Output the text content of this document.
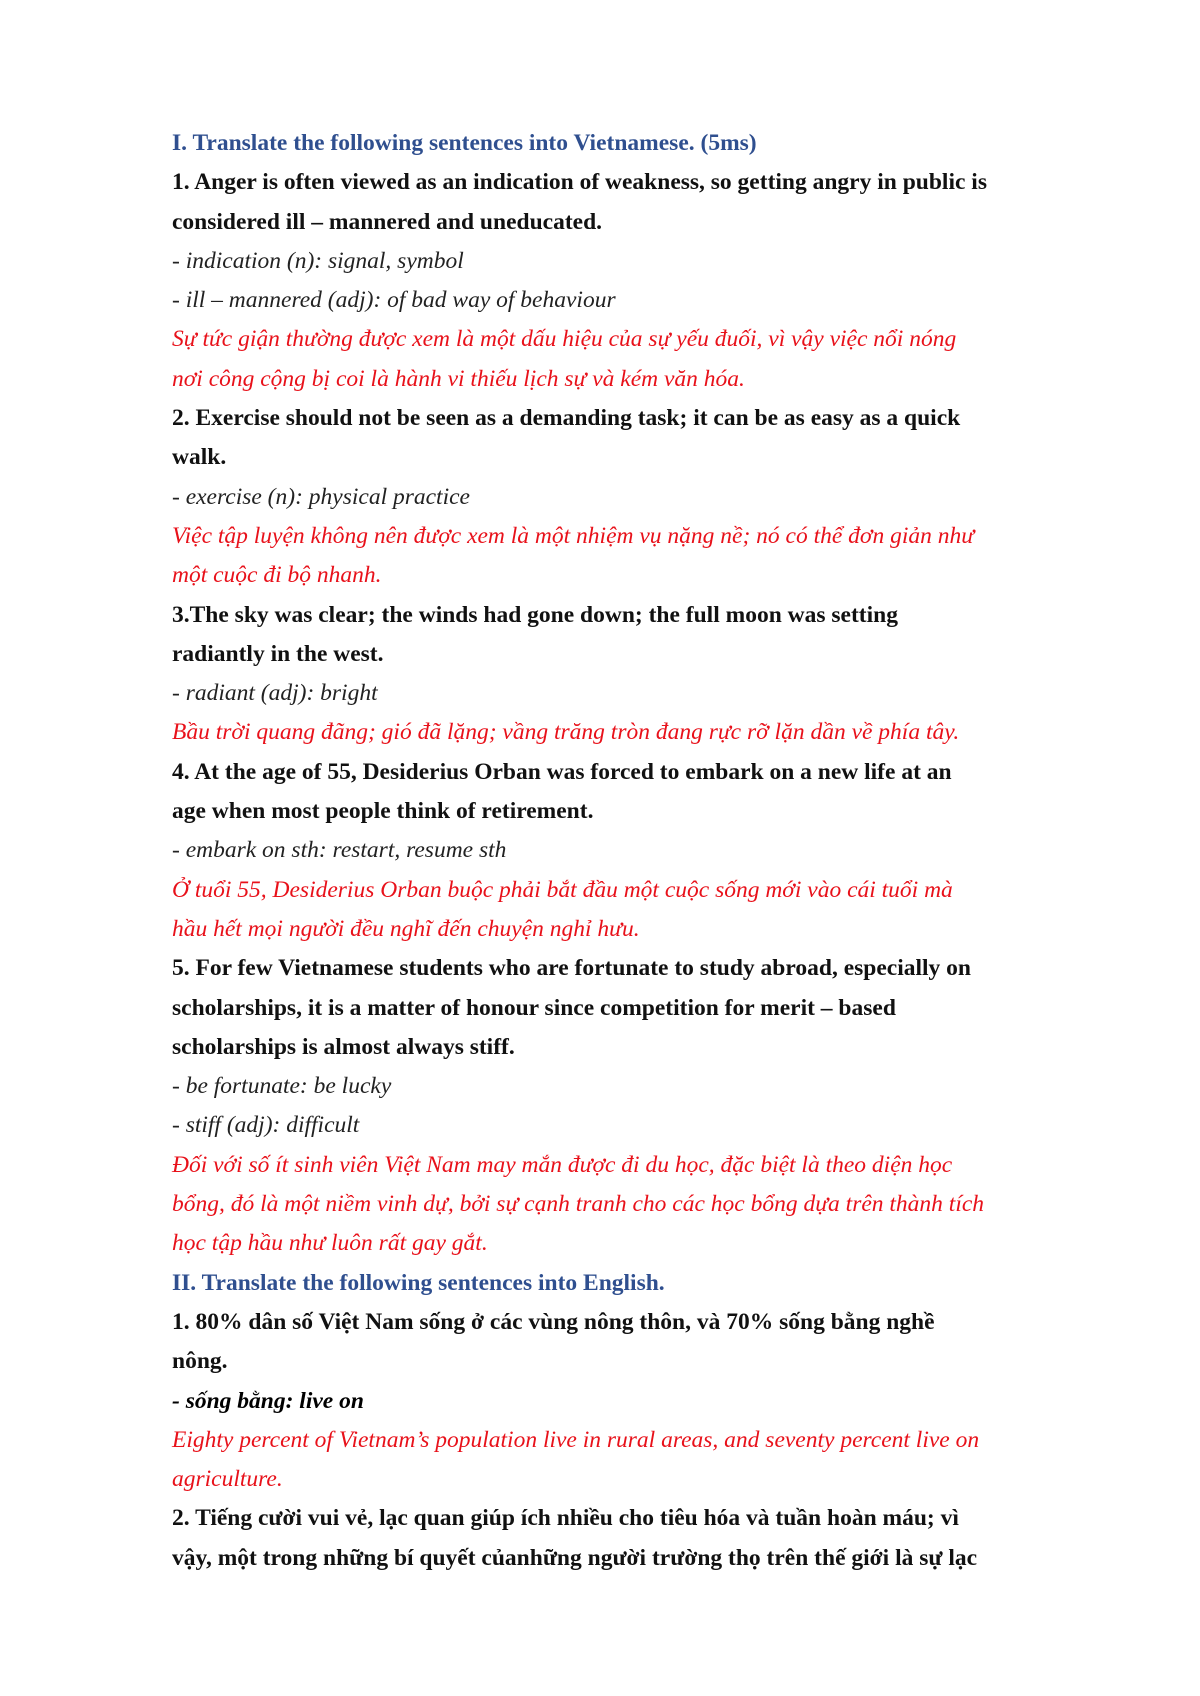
I. Translate the following sentences into Vietnamese. (5ms)

1. Anger is often viewed as an indication of weakness, so getting angry in public is

considered ill – mannered and uneducated.

- indication (n): signal, symbol

- ill – mannered (adj): of bad way of behaviour

Sự tức giận thường được xem là một dấu hiệu của sự yếu đuối, vì vậy việc nổi nóng

nơi công cộng bị coi là hành vi thiếu lịch sự và kém văn hóa.

2. Exercise should not be seen as a demanding task; it can be as easy as a quick

walk.

- exercise (n): physical practice

Việc tập luyện không nên được xem là một nhiệm vụ nặng nề; nó có thể đơn giản như

một cuộc đi bộ nhanh.

3.The sky was clear; the winds had gone down; the full moon was setting

radiantly in the west.

- radiant (adj): bright

Bầu trời quang đãng; gió đã lặng; vầng trăng tròn đang rực rỡ lặn dần về phía tây.

4. At the age of 55, Desiderius Orban was forced to embark on a new life at an

age when most people think of retirement.

- embark on sth: restart, resume sth

Ở tuổi 55, Desiderius Orban buộc phải bắt đầu một cuộc sống mới vào cái tuổi mà

hầu hết mọi người đều nghĩ đến chuyện nghỉ hưu.

5. For few Vietnamese students who are fortunate to study abroad, especially on

scholarships, it is a matter of honour since competition for merit – based

scholarships is almost always stiff.

- be fortunate: be lucky

- stiff (adj): difficult

Đối với số ít sinh viên Việt Nam may mắn được đi du học, đặc biệt là theo diện học

bổng, đó là một niềm vinh dự, bởi sự cạnh tranh cho các học bổng dựa trên thành tích

học tập hầu như luôn rất gay gắt.

II. Translate the following sentences into English.

1. 80% dân số Việt Nam sống ở các vùng nông thôn, và 70% sống bằng nghề

nông.

- sống bằng: live on

Eighty percent of Vietnam’s population live in rural areas, and seventy percent live on

agriculture.

2. Tiếng cười vui vẻ, lạc quan giúp ích nhiều cho tiêu hóa và tuần hoàn máu; vì

vậy, một trong những bí quyết củanhững người trường thọ trên thế giới là sự lạc
